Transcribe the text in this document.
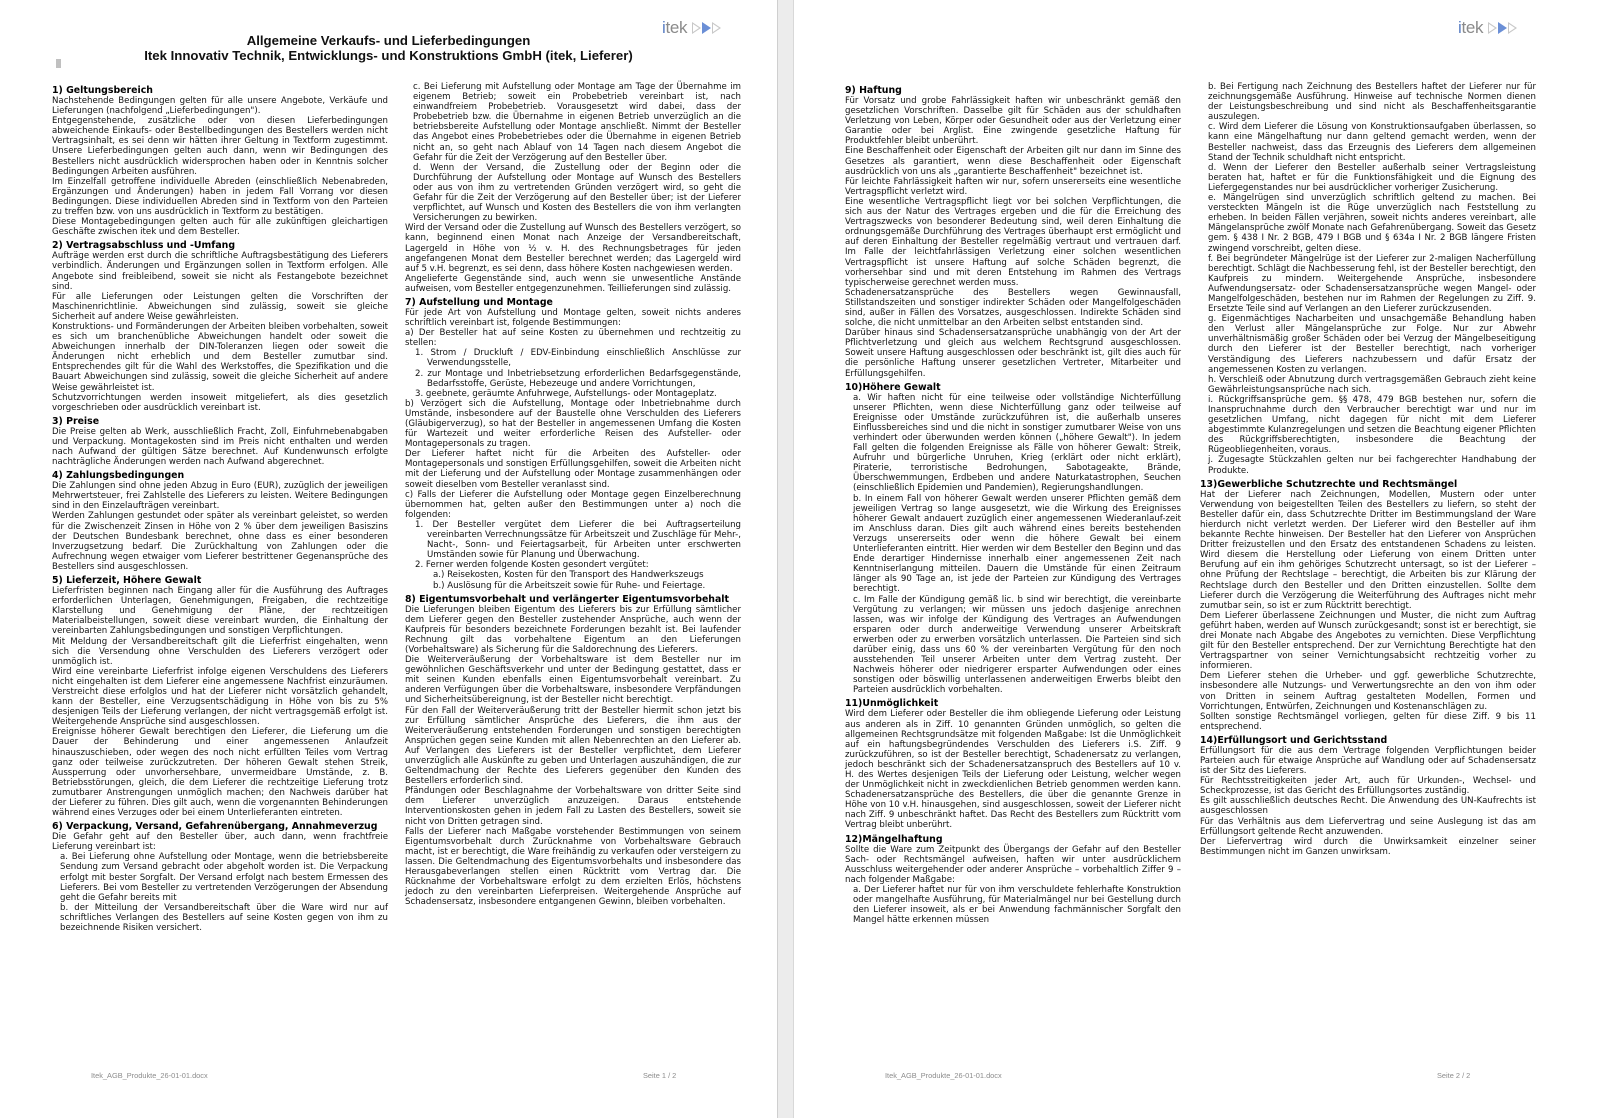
itek
Allgemeine Verkaufs- und Lieferbedingungen
Itek Innovativ Technik, Entwicklungs- und Konstruktions GmbH (itek, Lieferer)
1) Geltungsbereich

Nachstehende Bedingungen gelten für alle unsere Angebote, Verkäufe und Lieferungen (nachfolgend „Lieferbedingungen").

Entgegenstehende, zusätzliche oder von diesen Lieferbedingungen abweichende Einkaufs- oder Bestellbedingungen des Bestellers werden nicht Vertragsinhalt, es sei denn wir hätten ihrer Geltung in Textform zugestimmt. Unsere Lieferbedingungen gelten auch dann, wenn wir Bedingungen des Bestellers nicht ausdrücklich widersprochen haben oder in Kenntnis solcher Bedingungen Arbeiten ausführen.

Im Einzelfall getroffene individuelle Abreden (einschließlich Nebenabreden, Ergänzungen und Änderungen) haben in jedem Fall Vorrang vor diesen Bedingungen. Diese individuellen Abreden sind in Textform von den Parteien zu treffen bzw. von uns ausdrücklich in Textform zu bestätigen.

Diese Montagebedingungen gelten auch für alle zukünftigen gleichartigen Geschäfte zwischen itek und dem Besteller.

2) Vertragsabschluss und -Umfang

Aufträge werden erst durch die schriftliche Auftragsbestätigung des Lieferers verbindlich. Änderungen und Ergänzungen sollen in Textform erfolgen. Alle Angebote sind freibleibend, soweit sie nicht als Festangebote bezeichnet sind.

Für alle Lieferungen oder Leistungen gelten die Vorschriften der Maschinenrichtlinie. Abweichungen sind zulässig, soweit sie gleiche Sicherheit auf andere Weise gewährleisten.

Konstruktions- und Formänderungen der Arbeiten bleiben vorbehalten, soweit es sich um branchenübliche Abweichungen handelt oder soweit die Abweichungen innerhalb der DIN-Toleranzen liegen oder soweit die Änderungen nicht erheblich und dem Besteller zumutbar sind. Entsprechendes gilt für die Wahl des Werkstoffes, die Spezifikation und die Bauart Abweichungen sind zulässig, soweit die gleiche Sicherheit auf andere Weise gewährleistet ist.

Schutzvorrichtungen werden insoweit mitgeliefert, als dies gesetzlich vorgeschrieben oder ausdrücklich vereinbart ist.

3) Preise

Die Preise gelten ab Werk, ausschließlich Fracht, Zoll, Einfuhrnebenabgaben und Verpackung. Montagekosten sind im Preis nicht enthalten und werden nach Aufwand der gültigen Sätze berechnet. Auf Kundenwunsch erfolgte nachträgliche Änderungen werden nach Aufwand abgerechnet.

4) Zahlungsbedingungen

Die Zahlungen sind ohne jeden Abzug in Euro (EUR), zuzüglich der jeweiligen Mehrwertsteuer, frei Zahlstelle des Lieferers zu leisten. Weitere Bedingungen sind in den Einzelaufträgen vereinbart.

Werden Zahlungen gestundet oder später als vereinbart geleistet, so werden für die Zwischenzeit Zinsen in Höhe von 2 % über dem jeweiligen Basiszins der Deutschen Bundesbank berechnet, ohne dass es einer besonderen Inverzugsetzung bedarf. Die Zurückhaltung von Zahlungen oder die Aufrechnung wegen etwaiger vom Lieferer bestrittener Gegenansprüche des Bestellers sind ausgeschlossen.

5) Lieferzeit, Höhere Gewalt

Lieferfristen beginnen nach Eingang aller für die Ausführung des Auftrages erforderlichen Unterlagen, Genehmigungen, Freigaben, die rechtzeitige Klarstellung und Genehmigung der Pläne, der rechtzeitigen Materialbeistellungen, soweit diese vereinbart wurden, die Einhaltung der vereinbarten Zahlungsbedingungen und sonstigen Verpflichtungen.

Mit Meldung der Versandbereitschaft gilt die Lieferfrist eingehalten, wenn sich die Versendung ohne Verschulden des Lieferers verzögert oder unmöglich ist.

Wird eine vereinbarte Lieferfrist infolge eigenen Verschuldens des Lieferers nicht eingehalten ist dem Lieferer eine angemessene Nachfrist einzuräumen. Verstreicht diese erfolglos und hat der Lieferer nicht vorsätzlich gehandelt, kann der Besteller, eine Verzugsentschädigung in Höhe von bis zu 5% desjenigen Teils der Lieferung verlangen, der nicht vertragsgemäß erfolgt ist. Weitergehende Ansprüche sind ausgeschlossen.

Ereignisse höherer Gewalt berechtigen den Lieferer, die Lieferung um die Dauer der Behinderung und einer angemessenen Anlaufzeit hinauszuschieben, oder wegen des noch nicht erfüllten Teiles vom Vertrag ganz oder teilweise zurückzutreten. Der höheren Gewalt stehen Streik, Aussperrung oder unvorhersehbare, unvermeidbare Umstände, z. B. Betriebsstörungen, gleich, die dem Lieferer die rechtzeitige Lieferung trotz zumutbarer Anstrengungen unmöglich machen; den Nachweis darüber hat der Lieferer zu führen. Dies gilt auch, wenn die vorgenannten Behinderungen während eines Verzuges oder bei einem Unterlieferanten eintreten.

6) Verpackung, Versand, Gefahrenübergang, Annahmeverzug

Die Gefahr geht auf den Besteller über, auch dann, wenn frachtfreie Lieferung vereinbart ist:

a. Bei Lieferung ohne Aufstellung oder Montage, wenn die betriebsbereite Sendung zum Versand gebracht oder abgeholt worden ist. Die Verpackung erfolgt mit bester Sorgfalt. Der Versand erfolgt nach bestem Ermessen des Lieferers. Bei vom Besteller zu vertretenden Verzögerungen der Absendung geht die Gefahr bereits mit

b. der Mitteilung der Versandbereitschaft über die Ware wird nur auf schriftliches Verlangen des Bestellers auf seine Kosten gegen von ihm zu bezeichnende Risiken versichert.

c. Bei Lieferung mit Aufstellung oder Montage am Tage der Übernahme im eigenem Betrieb; soweit ein Probebetrieb vereinbart ist, nach einwandfreiem Probebetrieb. Vorausgesetzt wird dabei, dass der Probebetrieb bzw. die Übernahme in eigenen Betrieb unverzüglich an die betriebsbereite Aufstellung oder Montage anschließt. Nimmt der Besteller das Angebot eines Probebetriebes oder die Übernahme in eigenen Betrieb nicht an, so geht nach Ablauf von 14 Tagen nach diesem Angebot die Gefahr für die Zeit der Verzögerung auf den Besteller über.

d. Wenn der Versand, die Zustellung oder der Beginn oder die Durchführung der Aufstellung oder Montage auf Wunsch des Bestellers oder aus von ihm zu vertretenden Gründen verzögert wird, so geht die Gefahr für die Zeit der Verzögerung auf den Besteller über; ist der Lieferer verpflichtet, auf Wunsch und Kosten des Bestellers die von ihm verlangten Versicherungen zu bewirken.

Wird der Versand oder die Zustellung auf Wunsch des Bestellers verzögert, so kann, beginnend einen Monat nach Anzeige der Versandbereitschaft, Lagergeld in Höhe von ½ v. H. des Rechnungsbetrages für jeden angefangenen Monat dem Besteller berechnet werden; das Lagergeld wird auf 5 v.H. begrenzt, es sei denn, dass höhere Kosten nachgewiesen werden.

Angelieferte Gegenstände sind, auch wenn sie unwesentliche Anstände aufweisen, vom Besteller entgegenzunehmen. Teillieferungen sind zulässig.

7) Aufstellung und Montage

Für jede Art von Aufstellung und Montage gelten, soweit nichts anderes schriftlich vereinbart ist, folgende Bestimmungen:

a) Der Besteller hat auf seine Kosten zu übernehmen und rechtzeitig zu stellen:

1. Strom / Druckluft / EDV-Einbindung einschließlich Anschlüsse zur Verwendungsstelle,

2. zur Montage und Inbetriebsetzung erforderlichen Bedarfsgegenstände, Bedarfsstoffe, Gerüste, Hebezeuge und andere Vorrichtungen,

3. geebnete, geräumte Anfuhrwege, Aufstellungs- oder Montageplatz.

b) Verzögert sich die Aufstellung, Montage oder Inbetriebnahme durch Umstände, insbesondere auf der Baustelle ohne Verschulden des Lieferers (Gläubigerverzug), so hat der Besteller in angemessenen Umfang die Kosten für Wartezeit und weiter erforderliche Reisen des Aufsteller- oder Montagepersonals zu tragen.

Der Lieferer haftet nicht für die Arbeiten des Aufsteller- oder Montagepersonals und sonstigen Erfüllungsgehilfen, soweit die Arbeiten nicht mit der Lieferung und der Aufstellung oder Montage zusammenhängen oder soweit dieselben vom Besteller veranlasst sind.

c) Falls der Lieferer die Aufstellung oder Montage gegen Einzelberechnung übernommen hat, gelten außer den Bestimmungen unter a) noch die folgenden:

1. Der Besteller vergütet dem Lieferer die bei Auftragserteilung vereinbarten Verrechnungssätze für Arbeitszeit und Zuschläge für Mehr-, Nacht-, Sonn- und Feiertagsarbeit, für Arbeiten unter erschwerten Umständen sowie für Planung und Überwachung.

2. Ferner werden folgende Kosten gesondert vergütet:

a.) Reisekosten, Kosten für den Transport des Handwerkszeugs

b.) Auslösung für die Arbeitszeit sowie für Ruhe- und Feiertage.

8) Eigentumsvorbehalt und verlängerter Eigentumsvorbehalt

Die Lieferungen bleiben Eigentum des Lieferers bis zur Erfüllung sämtlicher dem Lieferer gegen den Besteller zustehender Ansprüche, auch wenn der Kaufpreis für besonders bezeichnete Forderungen bezahlt ist. Bei laufender Rechnung gilt das vorbehaltene Eigentum an den Lieferungen (Vorbehaltsware) als Sicherung für die Saldorechnung des Lieferers.

Die Weiterveräußerung der Vorbehaltsware ist dem Besteller nur im gewöhnlichen Geschäftsverkehr und unter der Bedingung gestattet, dass er mit seinen Kunden ebenfalls einen Eigentumsvorbehalt vereinbart. Zu anderen Verfügungen über die Vorbehaltsware, insbesondere Verpfändungen und Sicherheitsübereignung, ist der Besteller nicht berechtigt.

Für den Fall der Weiterveräußerung tritt der Besteller hiermit schon jetzt bis zur Erfüllung sämtlicher Ansprüche des Lieferers, die ihm aus der Weiterveräußerung entstehenden Forderungen und sonstigen berechtigten Ansprüchen gegen seine Kunden mit allen Nebenrechten an den Lieferer ab. Auf Verlangen des Lieferers ist der Besteller verpflichtet, dem Lieferer unverzüglich alle Auskünfte zu geben und Unterlagen auszuhändigen, die zur Geltendmachung der Rechte des Lieferers gegenüber den Kunden des Bestellers erforderlich sind.

Pfändungen oder Beschlagnahme der Vorbehaltsware von dritter Seite sind dem Lieferer unverzüglich anzuzeigen. Daraus entstehende Interventionskosten gehen in jedem Fall zu Lasten des Bestellers, soweit sie nicht von Dritten getragen sind.

Falls der Lieferer nach Maßgabe vorstehender Bestimmungen von seinem Eigentumsvorbehalt durch Zurücknahme von Vorbehaltsware Gebrauch macht, ist er berechtigt, die Ware freihändig zu verkaufen oder versteigern zu lassen. Die Geltendmachung des Eigentumsvorbehalts und insbesondere das Herausgabeverlangen stellen einen Rücktritt vom Vertrag dar. Die Rücknahme der Vorbehaltsware erfolgt zu dem erzielten Erlös, höchstens jedoch zu den vereinbarten Lieferpreisen. Weitergehende Ansprüche auf Schadensersatz, insbesondere entgangenen Gewinn, bleiben vorbehalten.

Itek_AGB_Produkte_26-01-01.docx	Seite 1 / 2
itek
9) Haftung

Für Vorsatz und grobe Fahrlässigkeit haften wir unbeschränkt gemäß den gesetzlichen Vorschriften. Dasselbe gilt für Schäden aus der schuldhaften Verletzung von Leben, Körper oder Gesundheit oder aus der Verletzung einer Garantie oder bei Arglist. Eine zwingende gesetzliche Haftung für Produktfehler bleibt unberührt.

Eine Beschaffenheit oder Eigenschaft der Arbeiten gilt nur dann im Sinne des Gesetzes als garantiert, wenn diese Beschaffenheit oder Eigenschaft ausdrücklich von uns als „garantierte Beschaffenheit" bezeichnet ist.

Für leichte Fahrlässigkeit haften wir nur, sofern unsererseits eine wesentliche Vertragspflicht verletzt wird.

Eine wesentliche Vertragspflicht liegt vor bei solchen Verpflichtungen, die sich aus der Natur des Vertrages ergeben und die für die Erreichung des Vertragszwecks von besonderer Bedeutung sind, weil deren Einhaltung die ordnungsgemäße Durchführung des Vertrages überhaupt erst ermöglicht und auf deren Einhaltung der Besteller regelmäßig vertraut und vertrauen darf. Im Falle der leichtfahrlässigen Verletzung einer solchen wesentlichen Vertragspflicht ist unsere Haftung auf solche Schäden begrenzt, die vorhersehbar sind und mit deren Entstehung im Rahmen des Vertrags typischerweise gerechnet werden muss.

Schadenersatzansprüche des Bestellers wegen Gewinnausfall, Stillstandszeiten und sonstiger indirekter Schäden oder Mangelfolgeschäden sind, außer in Fällen des Vorsatzes, ausgeschlossen. Indirekte Schäden sind solche, die nicht unmittelbar an den Arbeiten selbst entstanden sind.

Darüber hinaus sind Schadensersatzansprüche unabhängig von der Art der Pflichtverletzung und gleich aus welchem Rechtsgrund ausgeschlossen. Soweit unsere Haftung ausgeschlossen oder beschränkt ist, gilt dies auch für die persönliche Haftung unserer gesetzlichen Vertreter, Mitarbeiter und Erfüllungsgehilfen.

10)Höhere Gewalt

a. Wir haften nicht für eine teilweise oder vollständige Nichterfüllung unserer Pflichten, wenn diese Nichterfüllung ganz oder teilweise auf Ereignisse oder Umstände zurückzuführen ist, die außerhalb unseres Einflussbereiches sind und die nicht in sonstiger zumutbarer Weise von uns verhindert oder überwunden werden können („höhere Gewalt"). In jedem Fall gelten die folgenden Ereignisse als Fälle von höherer Gewalt: Streik, Aufruhr und bürgerliche Unruhen, Krieg (erklärt oder nicht erklärt), Piraterie, terroristische Bedrohungen, Sabotageakte, Brände, Überschwemmungen, Erdbeben und andere Naturkatastrophen, Seuchen (einschließlich Epidemien und Pandemien), Regierungshandlungen.

b. In einem Fall von höherer Gewalt werden unserer Pflichten gemäß dem jeweiligen Vertrag so lange ausgesetzt, wie die Wirkung des Ereignisses höherer Gewalt andauert zuzüglich einer angemessenen Wiederanlauf-zeit im Anschluss daran. Dies gilt auch während eines bereits bestehenden Verzugs unsererseits oder wenn die höhere Gewalt bei einem Unterlieferanten eintritt. Hier werden wir dem Besteller den Beginn und das Ende derartiger Hindernisse innerhalb einer angemessenen Zeit nach Kenntniserlangung mitteilen. Dauern die Umstände für einen Zeitraum länger als 90 Tage an, ist jede der Parteien zur Kündigung des Vertrages berechtigt.

c. Im Falle der Kündigung gemäß lic. b sind wir berechtigt, die vereinbarte Vergütung zu verlangen; wir müssen uns jedoch dasjenige anrechnen lassen, was wir infolge der Kündigung des Vertrages an Aufwendungen ersparen oder durch anderweitige Verwendung unserer Arbeitskraft erwerben oder zu erwerben vorsätzlich unterlassen. Die Parteien sind sich darüber einig, dass uns 60 % der vereinbarten Vergütung für den noch ausstehenden Teil unserer Arbeiten unter dem Vertrag zusteht. Der Nachweis höherer oder niedrigerer ersparter Aufwendungen oder eines sonstigen oder böswillig unterlassenen anderweitigen Erwerbs bleibt den Parteien ausdrücklich vorbehalten.

11)Unmöglichkeit

Wird dem Lieferer oder Besteller die ihm obliegende Lieferung oder Leistung aus anderen als in Ziff. 10 genannten Gründen unmöglich, so gelten die allgemeinen Rechtsgrundsätze mit folgenden Maßgabe: Ist die Unmöglichkeit auf ein haftungsbegründendes Verschulden des Lieferers i.S. Ziff. 9 zurückzuführen, so ist der Besteller berechtigt, Schadenersatz zu verlangen, jedoch beschränkt sich der Schadenersatzanspruch des Bestellers auf 10 v. H. des Wertes desjenigen Teils der Lieferung oder Leistung, welcher wegen der Unmöglichkeit nicht in zweckdienlichen Betrieb genommen werden kann. Schadenersatzansprüche des Bestellers, die über die genannte Grenze in Höhe von 10 v.H. hinausgehen, sind ausgeschlossen, soweit der Lieferer nicht nach Ziff. 9 unbeschränkt haftet. Das Recht des Bestellers zum Rücktritt vom Vertrag bleibt unberührt.

12)Mängelhaftung

Sollte die Ware zum Zeitpunkt des Übergangs der Gefahr auf den Besteller Sach- oder Rechtsmängel aufweisen, haften wir unter ausdrücklichem Ausschluss weitergehender oder anderer Ansprüche – vorbehaltlich Ziffer 9 – nach folgender Maßgabe:

a. Der Lieferer haftet nur für von ihm verschuldete fehlerhafte Konstruktion oder mangelhafte Ausführung, für Materialmängel nur bei Gestellung durch den Lieferer insoweit, als er bei Anwendung fachmännischer Sorgfalt den Mangel hätte erkennen müssen

b. Bei Fertigung nach Zeichnung des Bestellers haftet der Lieferer nur für zeichnungsgemäße Ausführung. Hinweise auf technische Normen dienen der Leistungsbeschreibung und sind nicht als Beschaffenheitsgarantie auszulegen.

c. Wird dem Lieferer die Lösung von Konstruktionsaufgaben überlassen, so kann eine Mängelhaftung nur dann geltend gemacht werden, wenn der Besteller nachweist, dass das Erzeugnis des Lieferers dem allgemeinen Stand der Technik schuldhaft nicht entspricht.

d. Wenn der Lieferer den Besteller außerhalb seiner Vertragsleistung beraten hat, haftet er für die Funktionsfähigkeit und die Eignung des Liefergegenstandes nur bei ausdrücklicher vorheriger Zusicherung.

e. Mängelrügen sind unverzüglich schriftlich geltend zu machen. Bei versteckten Mängeln ist die Rüge unverzüglich nach Feststellung zu erheben. In beiden Fällen verjähren, soweit nichts anderes vereinbart, alle Mängelansprüche zwölf Monate nach Gefahrenübergang. Soweit das Gesetz gem. § 438 I Nr. 2 BGB, 479 I BGB und § 634a I Nr. 2 BGB längere Fristen zwingend vorschreibt, gelten diese.

f. Bei begründeter Mängelrüge ist der Lieferer zur 2-maligen Nacherfüllung berechtigt. Schlägt die Nachbesserung fehl, ist der Besteller berechtigt, den Kaufpreis zu mindern. Weitergehende Ansprüche, insbesondere Aufwendungsersatz- oder Schadensersatzansprüche wegen Mangel- oder Mangelfolgeschäden, bestehen nur im Rahmen der Regelungen zu Ziff. 9. Ersetzte Teile sind auf Verlangen an den Lieferer zurückzusenden.

g. Eigenmächtiges Nacharbeiten und unsachgemäße Behandlung haben den Verlust aller Mängelansprüche zur Folge. Nur zur Abwehr unverhältnismäßig großer Schäden oder bei Verzug der Mängelbeseitigung durch den Lieferer ist der Besteller berechtigt, nach vorheriger Verständigung des Lieferers nachzubessern und dafür Ersatz der angemessenen Kosten zu verlangen.

h. Verschleiß oder Abnutzung durch vertragsgemäßen Gebrauch zieht keine Gewährleistungsansprüche nach sich.

i. Rückgriffsansprüche gem. §§ 478, 479 BGB bestehen nur, sofern die Inanspruchnahme durch den Verbraucher berechtigt war und nur im gesetzlichen Umfang, nicht dagegen für nicht mit dem Lieferer abgestimmte Kulanzregelungen und setzen die Beachtung eigener Pflichten des Rückgriffsberechtigten, insbesondere die Beachtung der Rügeobliegenheiten, voraus.

j. Zugesagte Stückzahlen gelten nur bei fachgerechter Handhabung der Produkte.

13)Gewerbliche Schutzrechte und Rechtsmängel

Hat der Lieferer nach Zeichnungen, Modellen, Mustern oder unter Verwendung von beigestellten Teilen des Bestellers zu liefern, so steht der Besteller dafür ein, dass Schutzrechte Dritter im Bestimmungsland der Ware hierdurch nicht verletzt werden. Der Lieferer wird den Besteller auf ihm bekannte Rechte hinweisen. Der Besteller hat den Lieferer von Ansprüchen Dritter freizustellen und den Ersatz des entstandenen Schadens zu leisten. Wird diesem die Herstellung oder Lieferung von einem Dritten unter Berufung auf ein ihm gehöriges Schutzrecht untersagt, so ist der Lieferer – ohne Prüfung der Rechtslage – berechtigt, die Arbeiten bis zur Klärung der Rechtslage durch den Besteller und den Dritten einzustellen. Sollte dem Lieferer durch die Verzögerung die Weiterführung des Auftrages nicht mehr zumutbar sein, so ist er zum Rücktritt berechtigt.

Dem Lieferer überlassene Zeichnungen und Muster, die nicht zum Auftrag geführt haben, werden auf Wunsch zurückgesandt; sonst ist er berechtigt, sie drei Monate nach Abgabe des Angebotes zu vernichten. Diese Verpflichtung gilt für den Besteller entsprechend. Der zur Vernichtung Berechtigte hat den Vertragspartner von seiner Vernichtungsabsicht rechtzeitig vorher zu informieren.

Dem Lieferer stehen die Urheber- und ggf. gewerbliche Schutzrechte, insbesondere alle Nutzungs- und Verwertungsrechte an den von ihm oder von Dritten in seinem Auftrag gestalteten Modellen, Formen und Vorrichtungen, Entwürfen, Zeichnungen und Kostenanschlägen zu.

Sollten sonstige Rechtsmängel vorliegen, gelten für diese Ziff. 9 bis 11 entsprechend.

14)Erfüllungsort und Gerichtsstand

Erfüllungsort für die aus dem Vertrage folgenden Verpflichtungen beider Parteien auch für etwaige Ansprüche auf Wandlung oder auf Schadensersatz ist der Sitz des Lieferers.

Für Rechtsstreitigkeiten jeder Art, auch für Urkunden-, Wechsel- und Scheckprozesse, ist das Gericht des Erfüllungsortes zuständig.

Es gilt ausschließlich deutsches Recht. Die Anwendung des UN-Kaufrechts ist ausgeschlossen

Für das Verhältnis aus dem Liefervertrag und seine Auslegung ist das am Erfüllungsort geltende Recht anzuwenden.

Der Liefervertrag wird durch die Unwirksamkeit einzelner seiner Bestimmungen nicht im Ganzen unwirksam.

Itek_AGB_Produkte_26-01-01.docx	Seite 2 / 2
